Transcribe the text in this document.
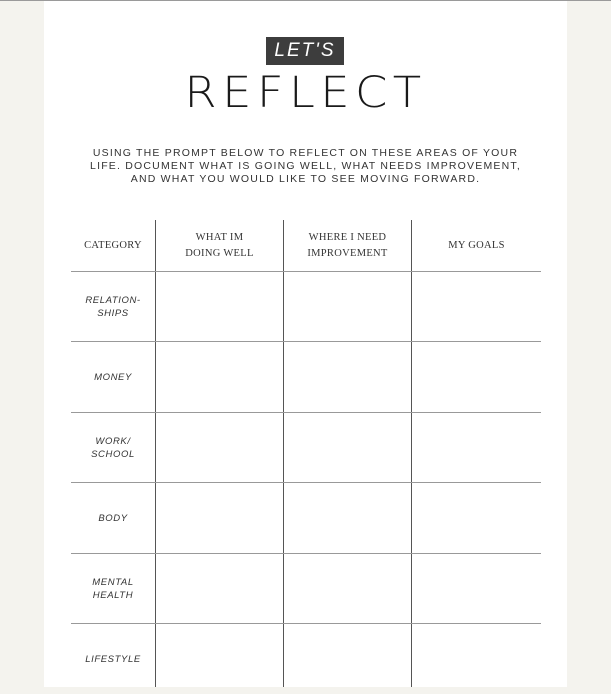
LET'S
REFLECT
USING THE PROMPT BELOW TO REFLECT ON THESE AREAS OF YOUR
LIFE. DOCUMENT WHAT IS GOING WELL, WHAT NEEDS IMPROVEMENT,
AND WHAT YOU WOULD LIKE TO SEE MOVING FORWARD.
CATEGORY
WHAT IM
DOING WELL
WHERE I NEED
IMPROVEMENT
MY GOALS
RELATION-
SHIPS
MONEY
WORK/
SCHOOL
BODY
MENTAL
HEALTH
LIFESTYLE
